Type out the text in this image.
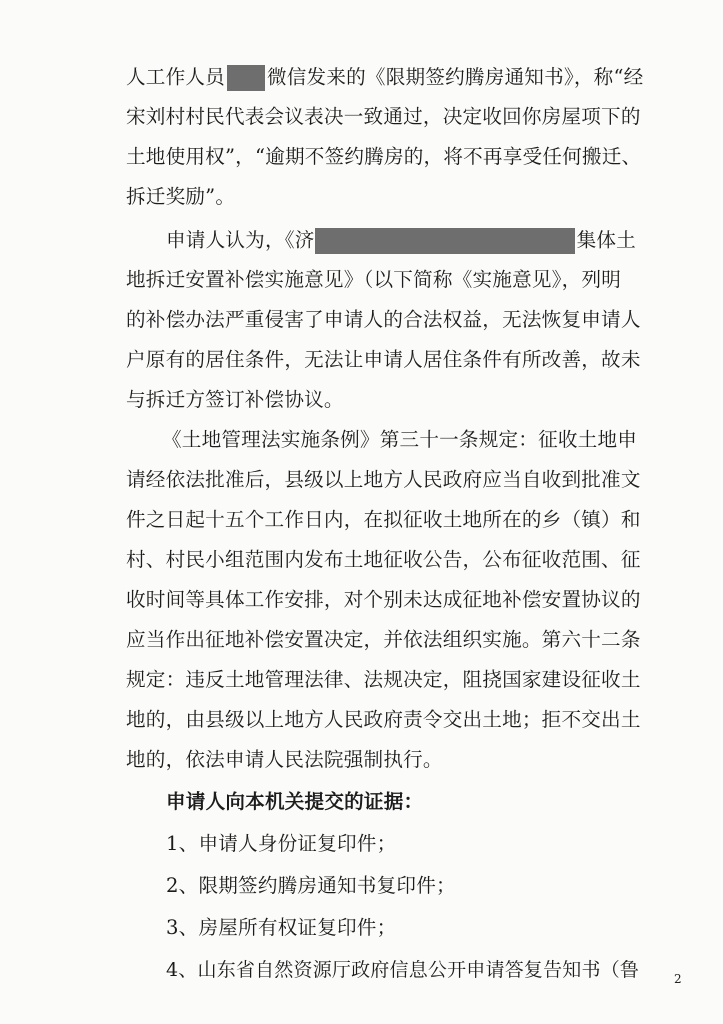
人工作人员 微信发来的《限期签约腾房通知书》，称“经
宋刘村村民代表会议表决一致通过，决定收回你房屋项下的
土地使用权”，“逾期不签约腾房的，将不再享受任何搬迁、
拆迁奖励”。
申请人认为，《济	集体土
地拆迁安置补偿实施意见》（以下简称《实施意见》，列明
的补偿办法严重侵害了申请人的合法权益，无法恢复申请人
户原有的居住条件，无法让申请人居住条件有所改善，故未
与拆迁方签订补偿协议。
《土地管理法实施条例》第三十一条规定：征收土地申
请经依法批准后，县级以上地方人民政府应当自收到批准文
件之日起十五个工作日内，在拟征收土地所在的乡（镇）和
村、村民小组范围内发布土地征收公告，公布征收范围、征
收时间等具体工作安排，对个别未达成征地补偿安置协议的
应当作出征地补偿安置决定，并依法组织实施。第六十二条
规定：违反土地管理法律、法规决定，阻挠国家建设征收土
地的，由县级以上地方人民政府责令交出土地；拒不交出土
地的，依法申请人民法院强制执行。
申请人向本机关提交的证据：
1、申请人身份证复印件；
2、限期签约腾房通知书复印件；
3、房屋所有权证复印件；
4、山东省自然资源厅政府信息公开申请答复告知书（鲁	2
